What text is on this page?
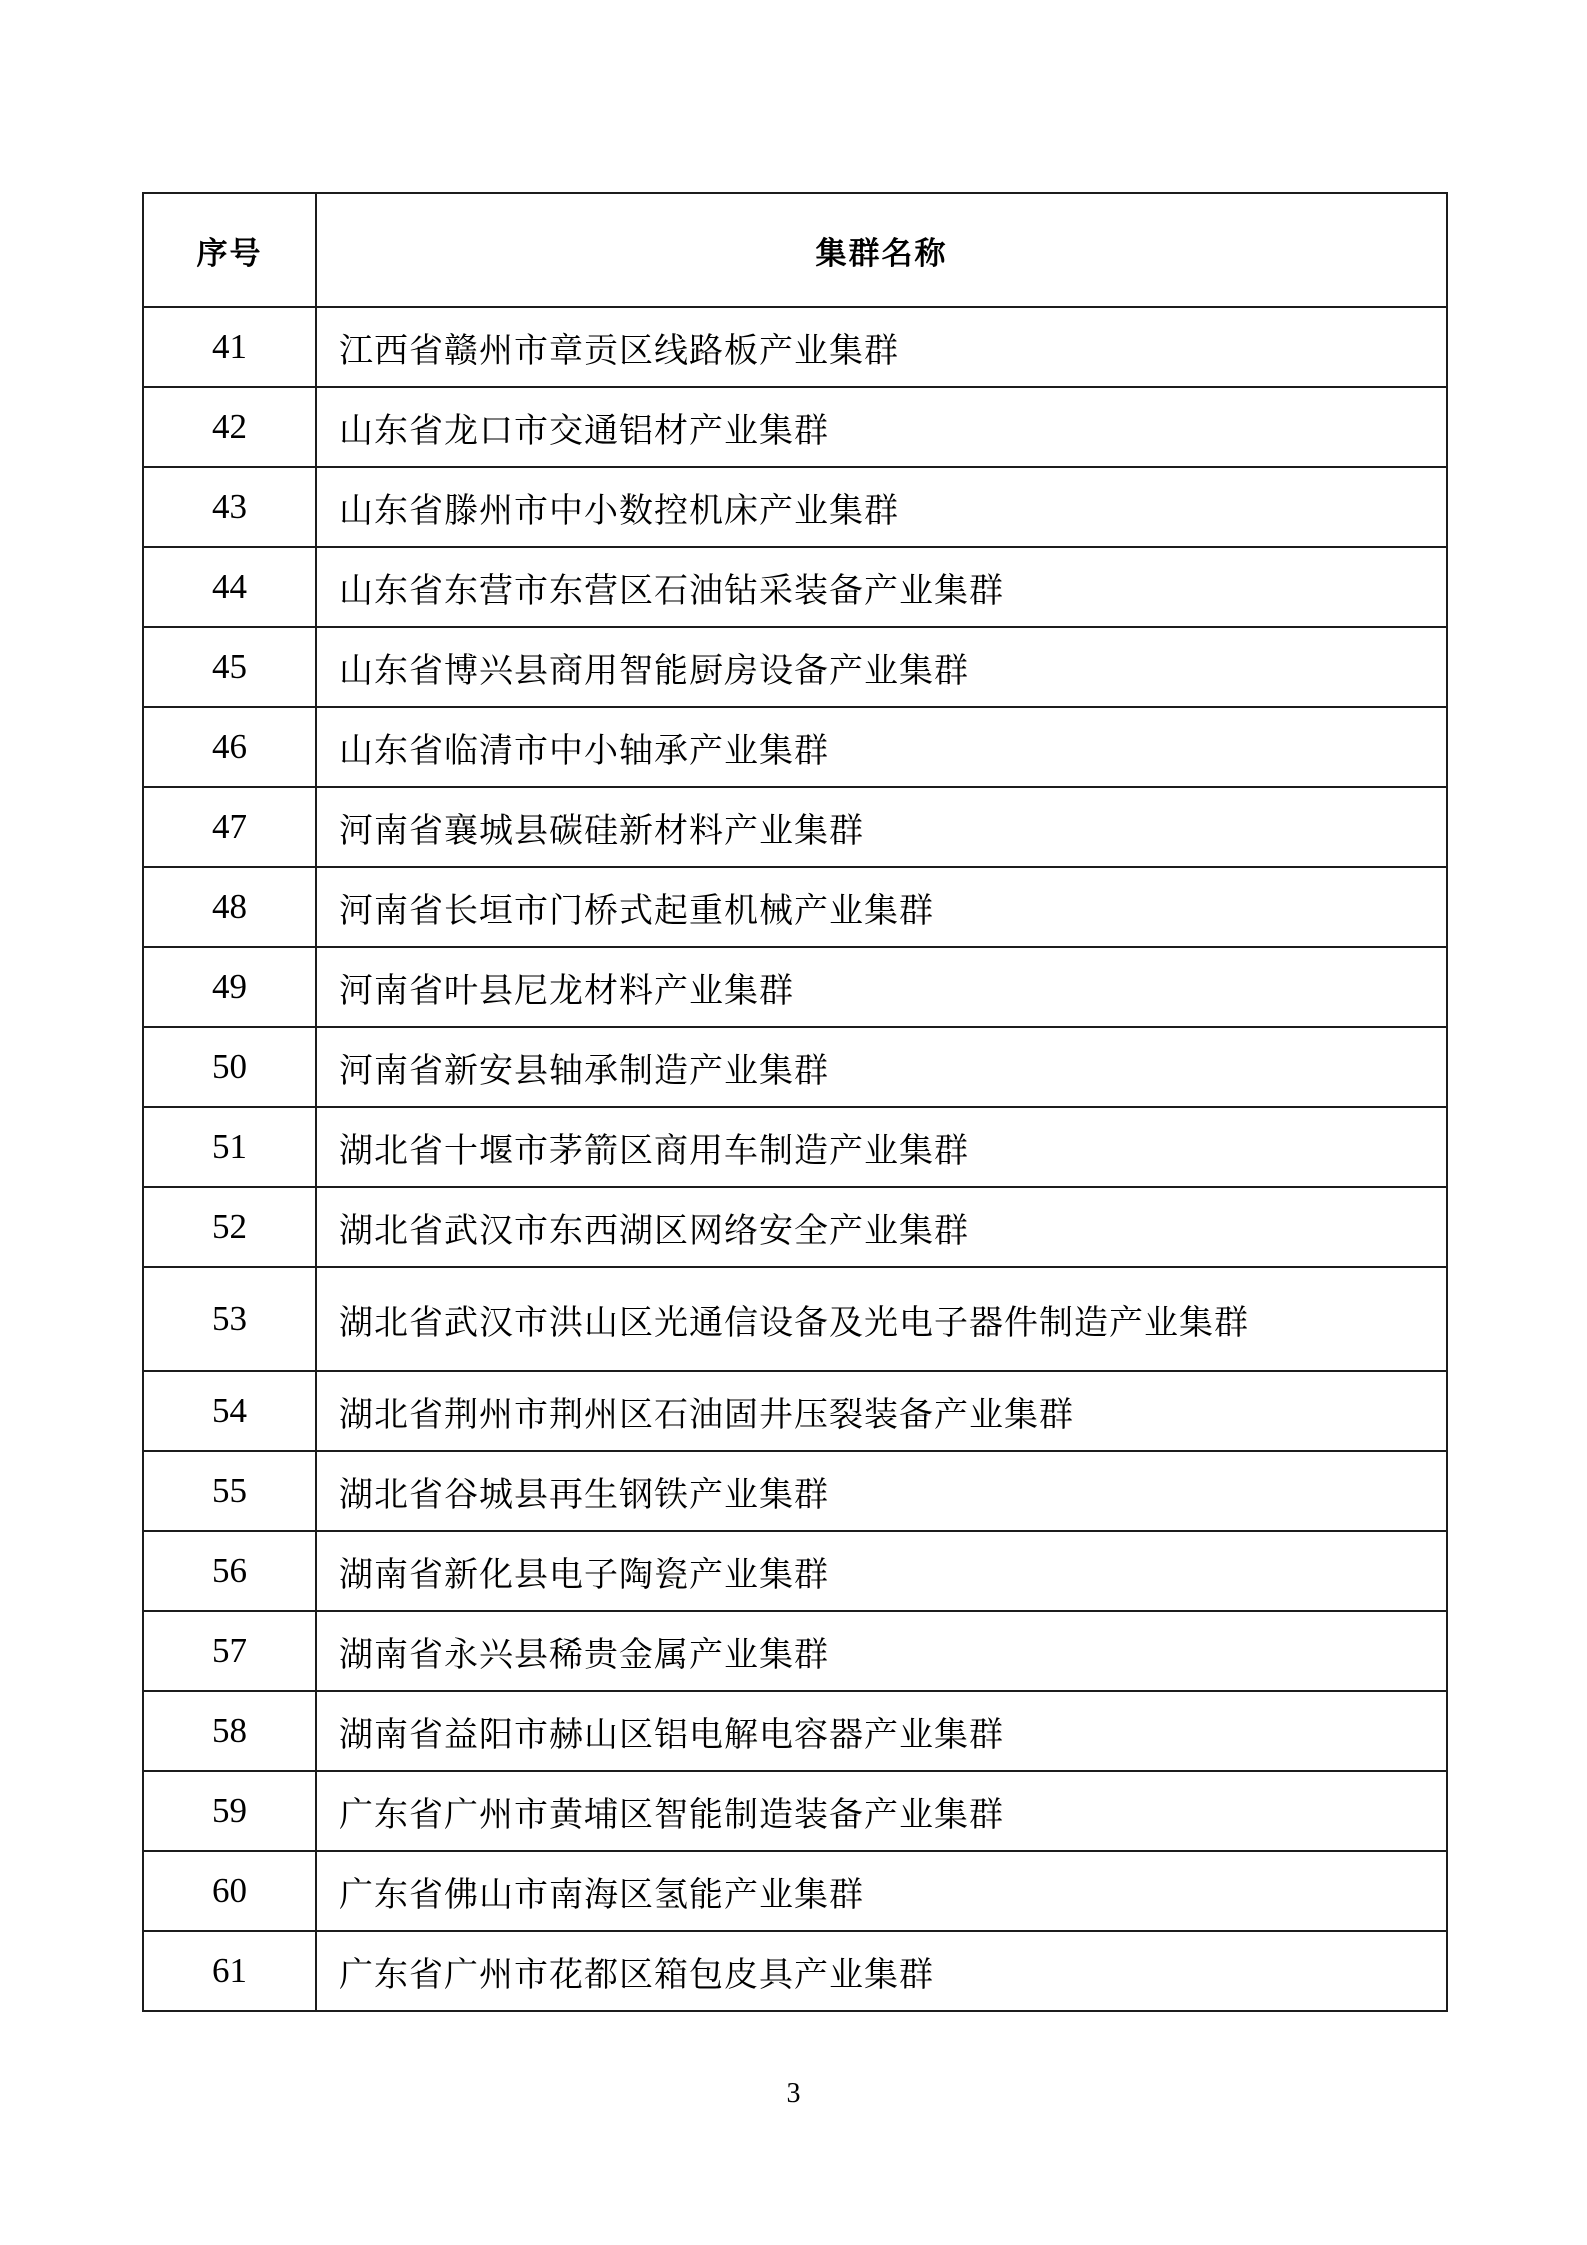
序号	集群名称
41	江西省赣州市章贡区线路板产业集群
42	山东省龙口市交通铝材产业集群
43	山东省滕州市中小数控机床产业集群
44	山东省东营市东营区石油钻采装备产业集群
45	山东省博兴县商用智能厨房设备产业集群
46	山东省临清市中小轴承产业集群
47	河南省襄城县碳硅新材料产业集群
48	河南省长垣市门桥式起重机械产业集群
49	河南省叶县尼龙材料产业集群
50	河南省新安县轴承制造产业集群
51	湖北省十堰市茅箭区商用车制造产业集群
52	湖北省武汉市东西湖区网络安全产业集群
53	湖北省武汉市洪山区光通信设备及光电子器件制造产业集群
54	湖北省荆州市荆州区石油固井压裂装备产业集群
55	湖北省谷城县再生钢铁产业集群
56	湖南省新化县电子陶瓷产业集群
57	湖南省永兴县稀贵金属产业集群
58	湖南省益阳市赫山区铝电解电容器产业集群
59	广东省广州市黄埔区智能制造装备产业集群
60	广东省佛山市南海区氢能产业集群
61	广东省广州市花都区箱包皮具产业集群
3
